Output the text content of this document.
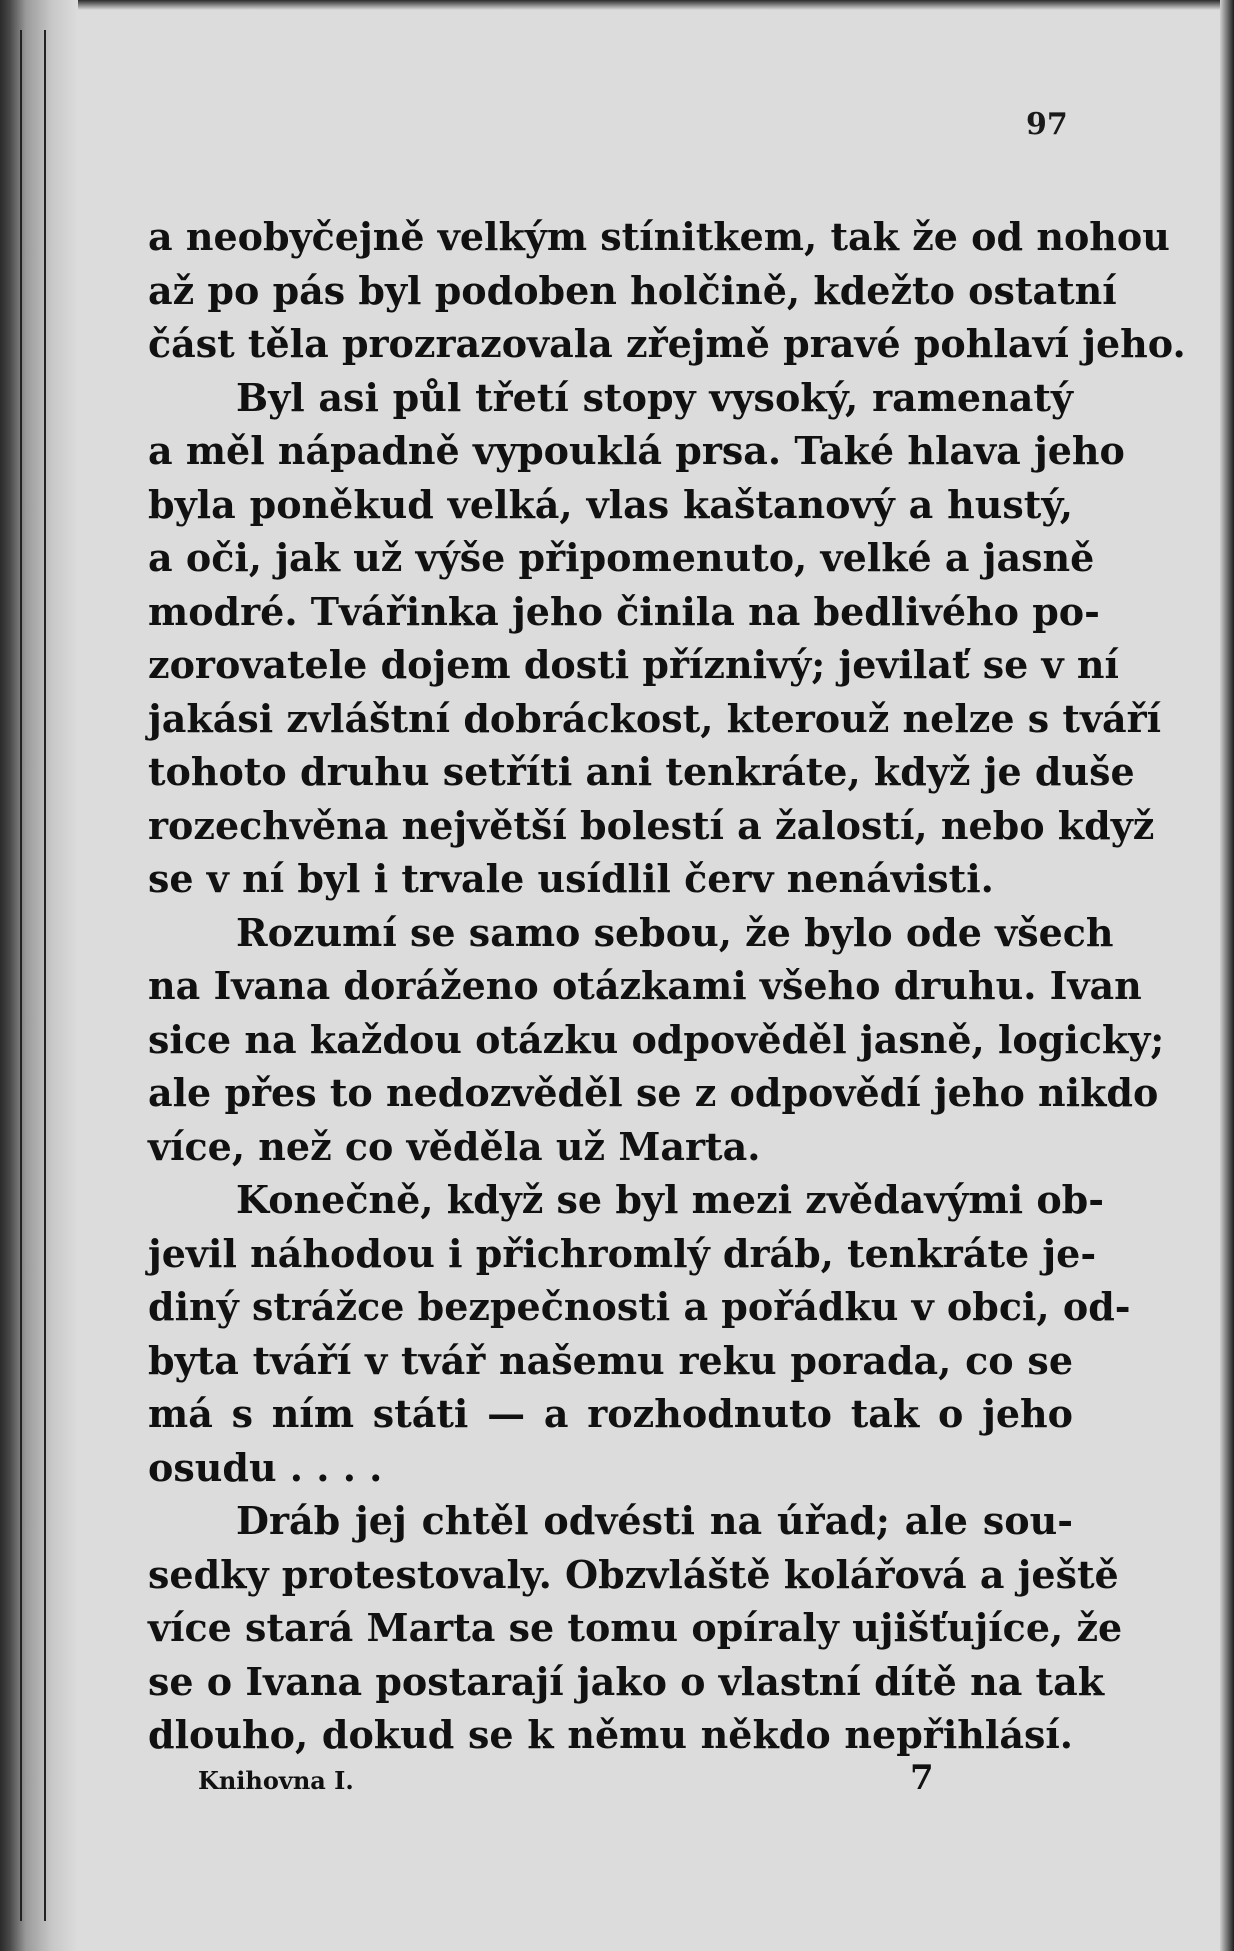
97
a neobyčejně velkým stínitkem, tak že od nohou
až po pás byl podoben holčině, kdežto ostatní
část těla prozrazovala zřejmě pravé pohlaví jeho.
Byl asi půl třetí stopy vysoký, ramenatý
a měl nápadně vypouklá prsa. Také hlava jeho
byla poněkud velká, vlas kaštanový a hustý,
a oči, jak už výše připomenuto, velké a jasně
modré. Tvářinka jeho činila na bedlivého po-
zorovatele dojem dosti příznivý; jevilať se v ní
jakási zvláštní dobráckost, kterouž nelze s tváří
tohoto druhu setříti ani tenkráte, když je duše
rozechvěna největší bolestí a žalostí, nebo když
se v ní byl i trvale usídlil červ nenávisti.
Rozumí se samo sebou, že bylo ode všech
na Ivana doráženo otázkami všeho druhu. Ivan
sice na každou otázku odpověděl jasně, logicky;
ale přes to nedozvěděl se z odpovědí jeho nikdo
více, než co věděla už Marta.
Konečně, když se byl mezi zvědavými ob-
jevil náhodou i přichromlý dráb, tenkráte je-
diný strážce bezpečnosti a pořádku v obci, od-
byta tváří v tvář našemu reku porada, co se
má s ním státi — a rozhodnuto tak o jeho
osudu . . . .
Dráb jej chtěl odvésti na úřad; ale sou-
sedky protestovaly. Obzvláště kolářová a ještě
více stará Marta se tomu opíraly ujišťujíce, že
se o Ivana postarají jako o vlastní dítě na tak
dlouho, dokud se k němu někdo nepřihlásí.
Knihovna I.	7
